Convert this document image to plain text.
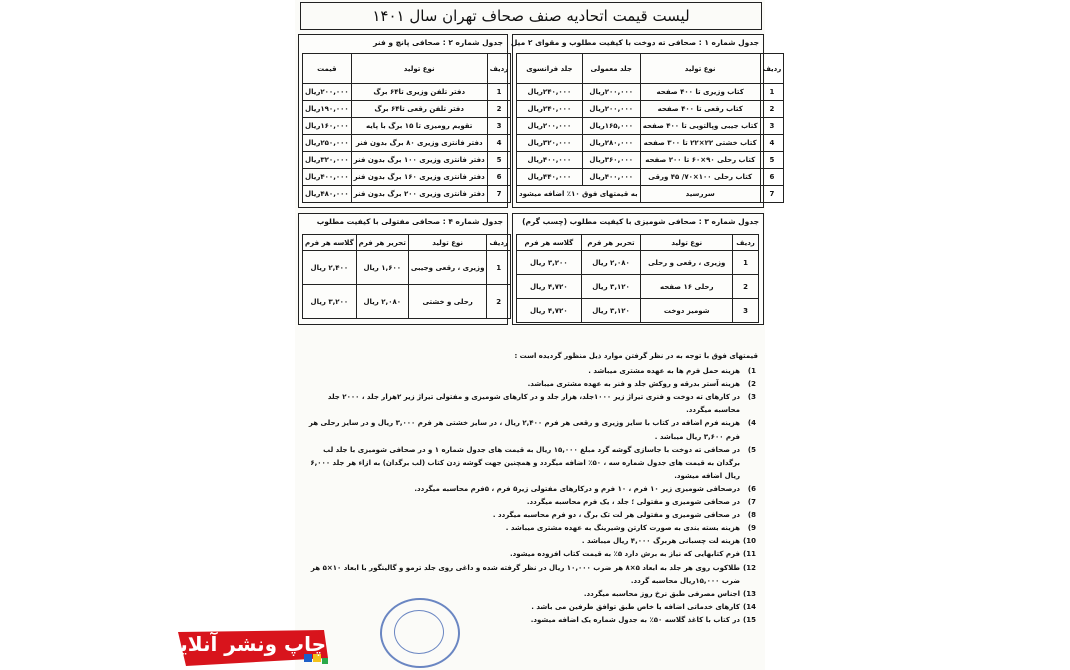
لیست قیمت اتحادیه صنف صحاف تهران سال ۱۴۰۱
جدول شماره ۱ : صحافی ته دوخت با کیفیت مطلوب و مقوای ۲ میل
ردیف	نوع تولید	جلد معمولی	جلد فرانسوی
1	کتاب وزیری تا ۴۰۰ صفحه	۲۰۰,۰۰۰ریال	۲۴۰,۰۰۰ریال
2	کتاب رقعی تا ۴۰۰ صفحه	۲۰۰,۰۰۰ریال	۲۴۰,۰۰۰ریال
3	کتاب جیبی وپالتویی تا ۴۰۰ صفحه	۱۶۵,۰۰۰ریال	۲۰۰,۰۰۰ریال
4	کتاب خشتی ۲۲×۲۲ تا ۳۰۰ صفحه	۲۸۰,۰۰۰ریال	۳۲۰,۰۰۰ریال
5	کتاب رحلی ۹۰×۶۰ تا ۲۰۰ صفحه	۳۶۰,۰۰۰ریال	۴۰۰,۰۰۰ریال
6	کتاب رحلی ۱۰۰×۷۰/ ۴۵ ورقی	۴۰۰,۰۰۰ریال	۴۴۰,۰۰۰ریال
7	سررسید	به قیمتهای فوق ۱۰٪ اضافه میشود	
جدول شماره ۲ : صحافی پانچ و فنر
ردیف	نوع تولید	قیمت
1	دفتر تلفن وزیری تا۶۴ برگ	۲۰۰,۰۰۰ریال
2	دفتر تلفن رقعی تا۶۴ برگ	۱۹۰,۰۰۰ریال
3	تقویم رومیزی تا ۱۵ برگ با پایه	۱۶۰,۰۰۰ریال
4	دفتر فانتزی وزیری ۸۰ برگ بدون فنر	۲۵۰,۰۰۰ریال
5	دفتر فانتزی وزیری ۱۰۰ برگ بدون فنر	۳۲۰,۰۰۰ریال
6	دفتر فانتزی وزیری ۱۶۰ برگ بدون فنر	۴۰۰,۰۰۰ریال
7	دفتر فانتزی وزیری ۲۰۰ برگ بدون فنر	۴۸۰,۰۰۰ریال
جدول شماره ۳ : صحافی شومیزی با کیفیت مطلوب (چسب گرم)
ردیف	نوع تولید	تحریر هر فرم	گلاسه هر فرم
1	وزیری ، رقعی و رحلی	۲,۰۸۰ ریال	۳,۲۰۰ ریال
2	رحلی ۱۶ صفحه	۳,۱۲۰ ریال	۴,۷۲۰ ریال
3	شومیز دوخت	۳,۱۲۰ ریال	۴,۷۲۰ ریال
جدول شماره ۴ : صحافی مفتولی با کیفیت مطلوب
ردیف	نوع تولید	تحریر هر فرم	گلاسه هر فرم
1	وزیری ، رقعی وجیبی	۱,۶۰۰ ریال	۲,۴۰۰ ریال
2	رحلی و خشتی	۲,۰۸۰ ریال	۳,۲۰۰ ریال
قیمتهای فوق با توجه به در نظر گرفتن موارد ذیل منظور گردیده است :
1)
هزینه حمل فرم ها به عهده مشتری میباشد .
2)
هزینه آستر بدرقه و روکش جلد و فنر به عهده مشتری میباشد.
3)
در کارهای ته دوخت و فنری تیراژ زیر ۱۰۰۰جلد، هزار جلد و در کارهای شومیزی و مفتولی تیراژ زیر ۲هزار جلد ، ۲۰۰۰ جلد محاسبه میگردد.
4)
هزینه فرم اضافه در کتاب با سایز وزیری و رقعی هر فرم ۲,۴۰۰ ریال ، در سایز خشتی هر فرم ۳,۰۰۰ ریال و در سایز رحلی هر فرم ۳,۶۰۰ ریال میباشد .
5)
در صحافی ته دوخت با جاسازی گوشه گرد مبلغ ۱۵,۰۰۰ ریال به قیمت های جدول شماره ۱ و در صحافی شومیزی با جلد لب برگدان به قیمت های جدول شماره سه ، ۵۰٪ اضافه میگردد و همچنین جهت گوشه زدن کتاب (لب برگدان) به ازاء هر جلد ۶,۰۰۰ ریال اضافه میشود.
6)
درصحافی شومیزی زیر ۱۰ فرم ، ۱۰ فرم و درکارهای مفتولی زیر۵ فرم ، ۵فرم محاسبه میگردد.
7)
در صحافی شومیزی و مفتولی ؛ جلد ، یک فرم محاسبه میگردد.
8)
در صحافی شومیزی و مفتولی هر لت تک برگ ، دو فرم محاسبه میگردد .
9)
هزینه بسته بندی به صورت کارتن وشیرینگ به عهده مشتری میباشد .
10)
هزینه لت چسبانی هربرگ ۴,۰۰۰ ریال میباشد .
11)
فرم کتابهایی که نیاز به برش دارد ۵٪ به قیمت کتاب افزوده میشود.
12)
طلاکوب روی هر جلد به ابعاد ۵×۸ هر ضرب ۱۰,۰۰۰ ریال در نظر گرفته شده و داغی روی جلد ترمو و گالینگور با ابعاد ۱۰×۵ هر ضرب ۱۵,۰۰۰ریال محاسبه گردد.
13)
اجناس مصرفی طبق نرخ روز محاسبه میگردد.
14)
کارهای خدماتی اضافه یا خاص طبق توافق طرفین می باشد .
15)
در کتاب با کاغذ گلاسه ۵۰٪ به جدول شماره یک اضافه میشود.
چاپ ونشر آنلاین
